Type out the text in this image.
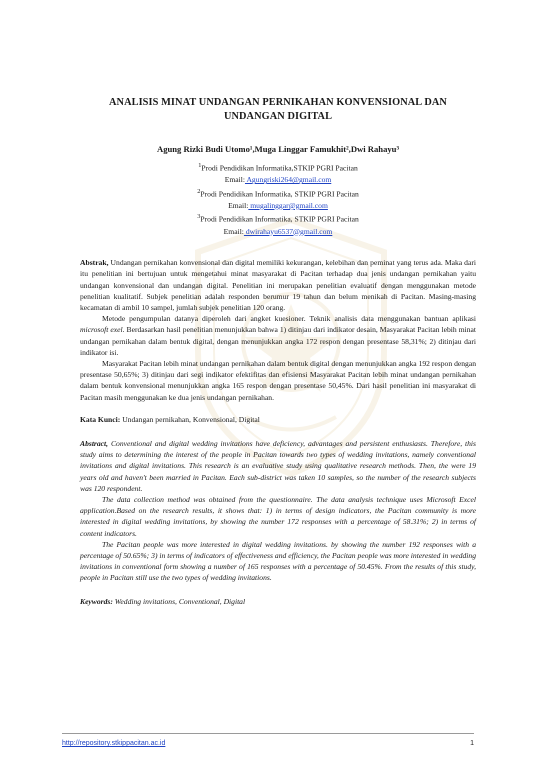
ANALISIS MINAT UNDANGAN PERNIKAHAN KONVENSIONAL DAN
UNDANGAN DIGITAL
Agung Rizki Budi Utomo¹,Muga Linggar Famukhit²,Dwi Rahayu³
$^1$Prodi Pendidikan Informatika,STKIP PGRI Pacitan
Email: Agungriski264@gmail.com
$^2$Prodi Pendidikan Informatika, STKIP PGRI Pacitan
Email: mugalinggar@gmail.com
$^3$Prodi Pendidikan Informatika, STKIP PGRI Pacitan
Email: dwirahayu6537@gmail.com

Abstrak, Undangan pernikahan konvensional dan digital memiliki kekurangan, kelebihan dan peminat yang terus ada. Maka dari itu penelitian ini bertujuan untuk mengetahui minat masyarakat di Pacitan terhadap dua jenis undangan pernikahan yaitu undangan konvensional dan undangan digital. Penelitian ini merupakan penelitian evaluatif dengan menggunakan metode penelitian kualitatif. Subjek penelitian adalah responden berumur 19 tahun dan belum menikah di Pacitan. Masing-masing kecamatan di ambil 10 sampel, jumlah subjek penelitian 120 orang.

Metode pengumpulan datanya diperoleh dari angket kuesioner. Teknik analisis data menggunakan bantuan aplikasi microsoft exel. Berdasarkan hasil penelitian menunjukkan bahwa 1) ditinjau dari indikator desain, Masyarakat Pacitan lebih minat undangan pernikahan dalam bentuk digital, dengan menunjukkan angka 172 respon dengan presentase 58,31%; 2) ditinjau dari indikator isi.

Masyarakat Pacitan lebih minat undangan pernikahan dalam bentuk digital dengan menunjukkan angka 192 respon dengan presentase 50,65%; 3) ditinjau dari segi indikator efektifitas dan efisiensi Masyarakat Pacitan lebih minat undangan pernikahan dalam bentuk konvensional menunjukkan angka 165 respon dengan presentase 50,45%. Dari hasil penelitian ini masyarakat di Pacitan masih menggunakan ke dua jenis undangan pernikahan.

Kata Kunci: Undangan pernikahan, Konvensional, Digital

Abstract, Conventional and digital wedding invitations have deficiency, advantages and persistent enthusiasts. Therefore, this study aims to determining the interest of the people in Pacitan towards two types of wedding invitations, namely conventional invitations and digital invitations. This research is an evaluative study using qualitative research methods. Then, the were 19 years old and haven't been married in Pacitan. Each sub-district was taken 10 samples, so the number of the research subjects was 120 respondent.

The data collection method was obtained from the questionnaire. The data analysis technique uses Microsoft Excel application.Based on the research results, it shows that: 1) in terms of design indicators, the Pacitan community is more interested in digital wedding invitations, by showing the number 172 responses with a percentage of 58.31%; 2) in terms of content indicators.

The Pacitan people was more interested in digital wedding invitations. by showing the number 192 responses with a percentage of 50.65%; 3) in terms of indicators of effectiveness and efficiency, the Pacitan people was more interested in wedding invitations in conventional form showing a number of 165 responses with a percentage of 50.45%. From the results of this study, people in Pacitan still use the two types of wedding invitations.

Keywords: Wedding invitations, Conventional, Digital

http://repository.stkippacitan.ac.id	1
